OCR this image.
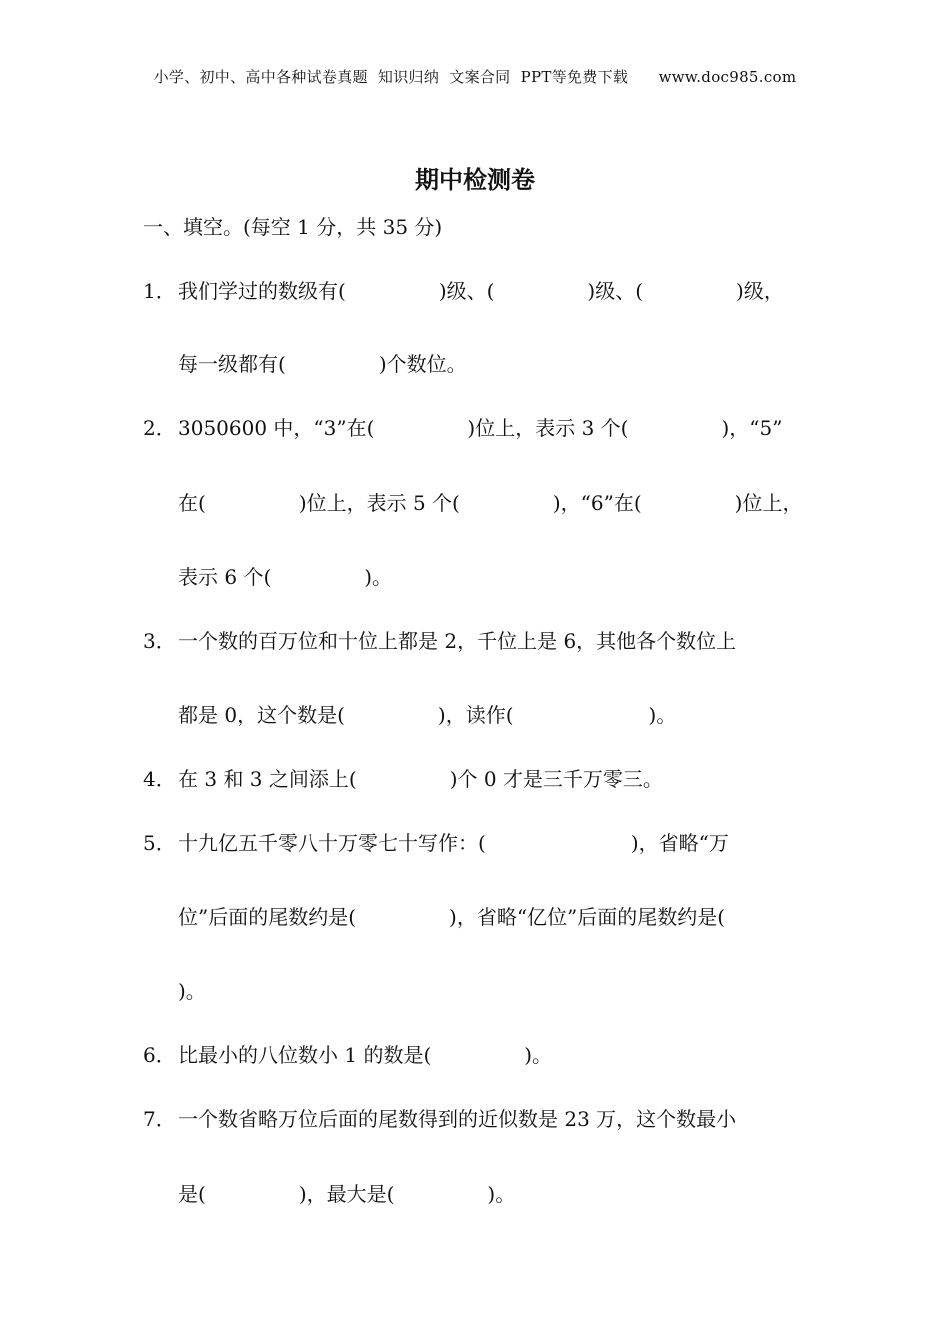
小学、初中、高中各种试卷真题  知识归纳  文案合同  PPT等免费下载      www.doc985.com
期中检测卷
一、填空。(每空 1 分，共 35 分)
1． 我们学过的数级有(	)级、(	)级、(	)级，
每一级都有(	)个数位。
2． 3050600 中，“3”在(	)位上，表示 3 个(	)，“5”
在(	)位上，表示 5 个(	)，“6”在(	)位上，
表示 6 个(	)。
3． 一个数的百万位和十位上都是 2，千位上是 6，其他各个数位上
都是 0，这个数是(	)，读作(	)。
4． 在 3 和 3 之间添上(	)个 0 才是三千万零三。
5． 十九亿五千零八十万零七十写作：(	)，省略“万
位”后面的尾数约是(	)，省略“亿位”后面的尾数约是(
)。
6． 比最小的八位数小 1 的数是(	)。
7． 一个数省略万位后面的尾数得到的近似数是 23 万，这个数最小
是(	)，最大是(	)。
